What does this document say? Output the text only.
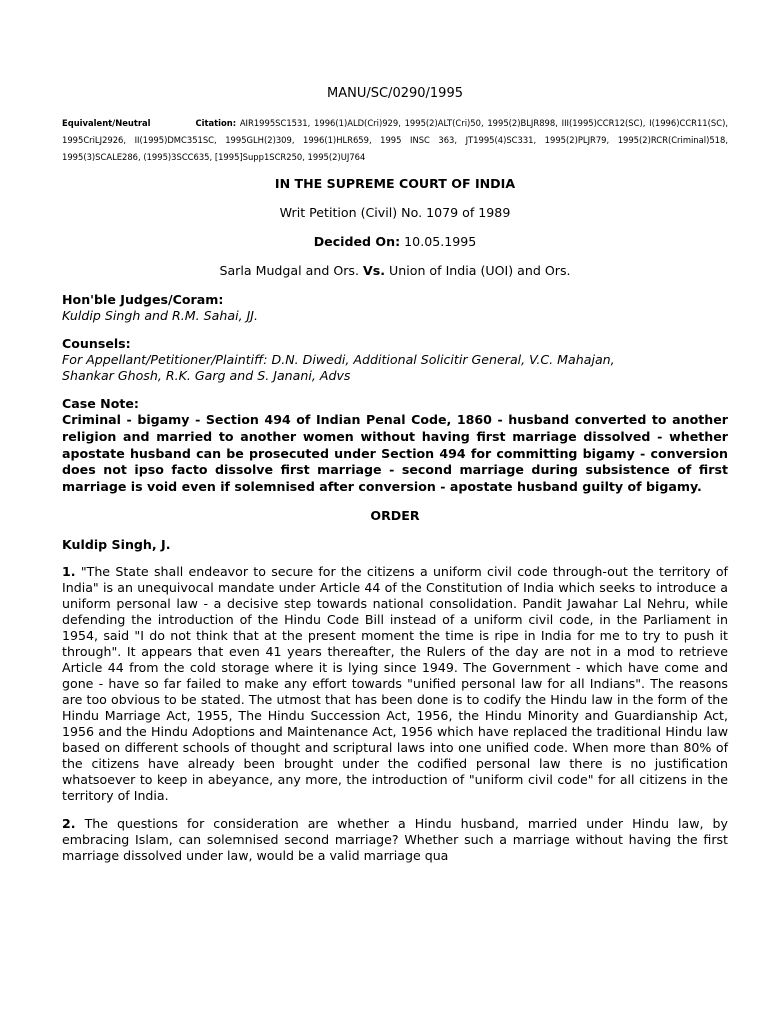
MANU/SC/0290/1995

Equivalent/Neutral	Citation: AIR1995SC1531, 1996(1)ALD(Cri)929, 1995(2)ALT(Cri)50, 1995(2)BLJR898, III(1995)CCR12(SC), I(1996)CCR11(SC), 1995CriLJ2926, II(1995)DMC351SC, 1995GLH(2)309, 1996(1)HLR659, 1995 INSC 363, JT1995(4)SC331, 1995(2)PLJR79, 1995(2)RCR(Criminal)518, 1995(3)SCALE286, (1995)3SCC635, [1995]Supp1SCR250, 1995(2)UJ764

IN THE SUPREME COURT OF INDIA

Writ Petition (Civil) No. 1079 of 1989

Decided On: 10.05.1995

Sarla Mudgal and Ors. Vs. Union of India (UOI) and Ors.

Hon'ble Judges/Coram:

Kuldip Singh and R.M. Sahai, JJ.

Counsels:

For Appellant/Petitioner/Plaintiff: D.N. Diwedi, Additional Solicitir General, V.C. Mahajan,

Shankar Ghosh, R.K. Garg and S. Janani, Advs

Case Note:

Criminal - bigamy - Section 494 of Indian Penal Code, 1860 - husband converted to another religion and married to another women without having first marriage dissolved - whether apostate husband can be prosecuted under Section 494 for committing bigamy - conversion does not ipso facto dissolve first marriage - second marriage during subsistence of first marriage is void even if solemnised after conversion - apostate husband guilty of bigamy.

ORDER

Kuldip Singh, J.

1. "The State shall endeavor to secure for the citizens a uniform civil code through-out the territory of India" is an unequivocal mandate under Article 44 of the Constitution of India which seeks to introduce a uniform personal law - a decisive step towards national consolidation. Pandit Jawahar Lal Nehru, while defending the introduction of the Hindu Code Bill instead of a uniform civil code, in the Parliament in 1954, said "I do not think that at the present moment the time is ripe in India for me to try to push it through". It appears that even 41 years thereafter, the Rulers of the day are not in a mod to retrieve Article 44 from the cold storage where it is lying since 1949. The Government - which have come and gone - have so far failed to make any effort towards "unified personal law for all Indians". The reasons are too obvious to be stated. The utmost that has been done is to codify the Hindu law in the form of the Hindu Marriage Act, 1955, The Hindu Succession Act, 1956, the Hindu Minority and Guardianship Act, 1956 and the Hindu Adoptions and Maintenance Act, 1956 which have replaced the traditional Hindu law based on different schools of thought and scriptural laws into one unified code. When more than 80% of the citizens have already been brought under the codified personal law there is no justification whatsoever to keep in abeyance, any more, the introduction of "uniform civil code" for all citizens in the territory of India.

2. The questions for consideration are whether a Hindu husband, married under Hindu law, by embracing Islam, can solemnised second marriage? Whether such a marriage without having the first marriage dissolved under law, would be a valid marriage qua
